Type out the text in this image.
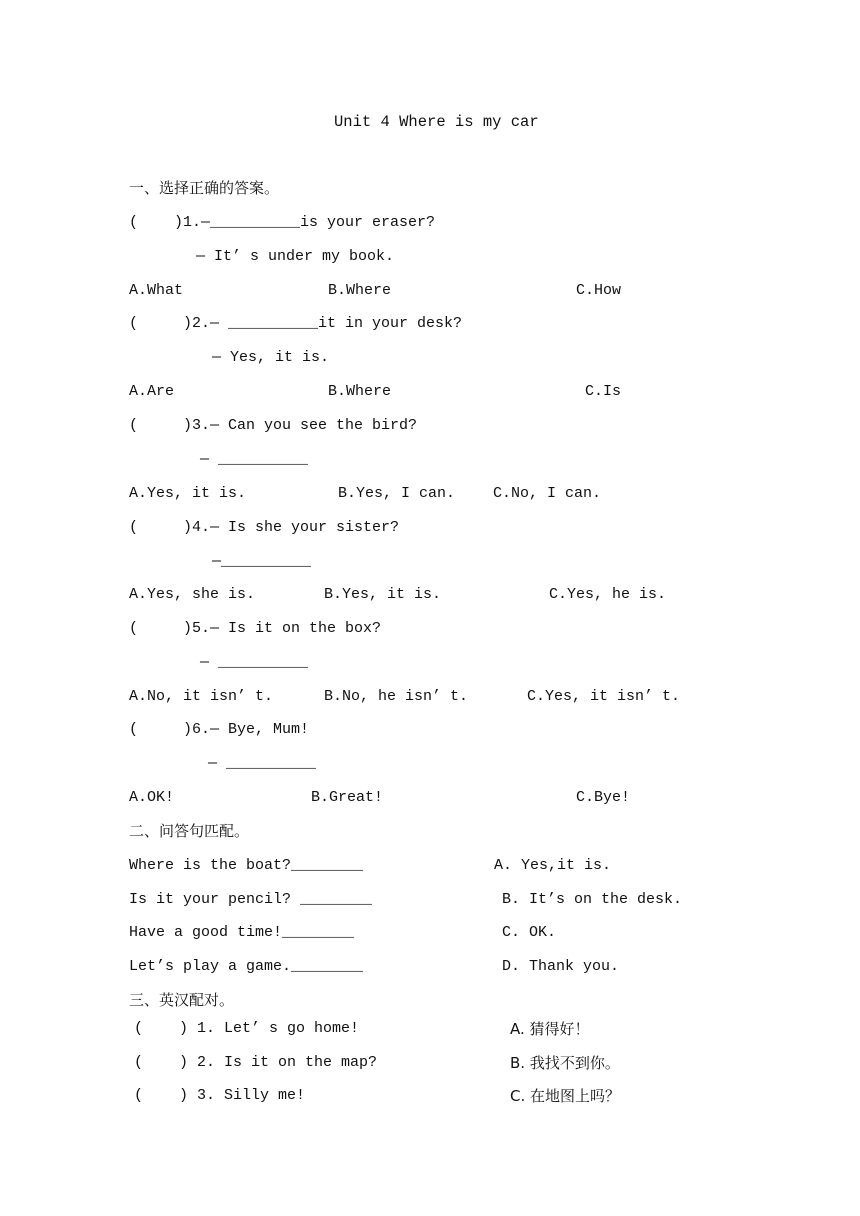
Unit 4 Where is my car
一、选择正确的答案。
(    )1.—__________is your eraser?
— It’ s under my book.
A.What	B.Where	C.How
(     )2.— __________it in your desk?
— Yes, it is.
A.Are	B.Where	C.Is
(     )3.— Can you see the bird?
— __________
A.Yes, it is.	B.Yes, I can.	C.No, I can.
(     )4.— Is she your sister?
—__________
A.Yes, she is.	B.Yes, it is.	C.Yes, he is.
(     )5.— Is it on the box?
— __________
A.No, it isn’ t.	B.No, he isn’ t.	C.Yes, it isn’ t.
(     )6.— Bye, Mum!
— __________
A.OK!	B.Great!	C.Bye!
二、问答句匹配。
Where is the boat?________	A. Yes,it is.
Is it your pencil? ________	B. It’s on the desk.
Have a good time!________	C. OK.
Let’s play a game.________	D. Thank you.
三、英汉配对。
(    ) 1. Let’ s go home!	A. 猜得好！
(    ) 2. Is it on the map?	B. 我找不到你。
(    ) 3. Silly me!	C. 在地图上吗？
